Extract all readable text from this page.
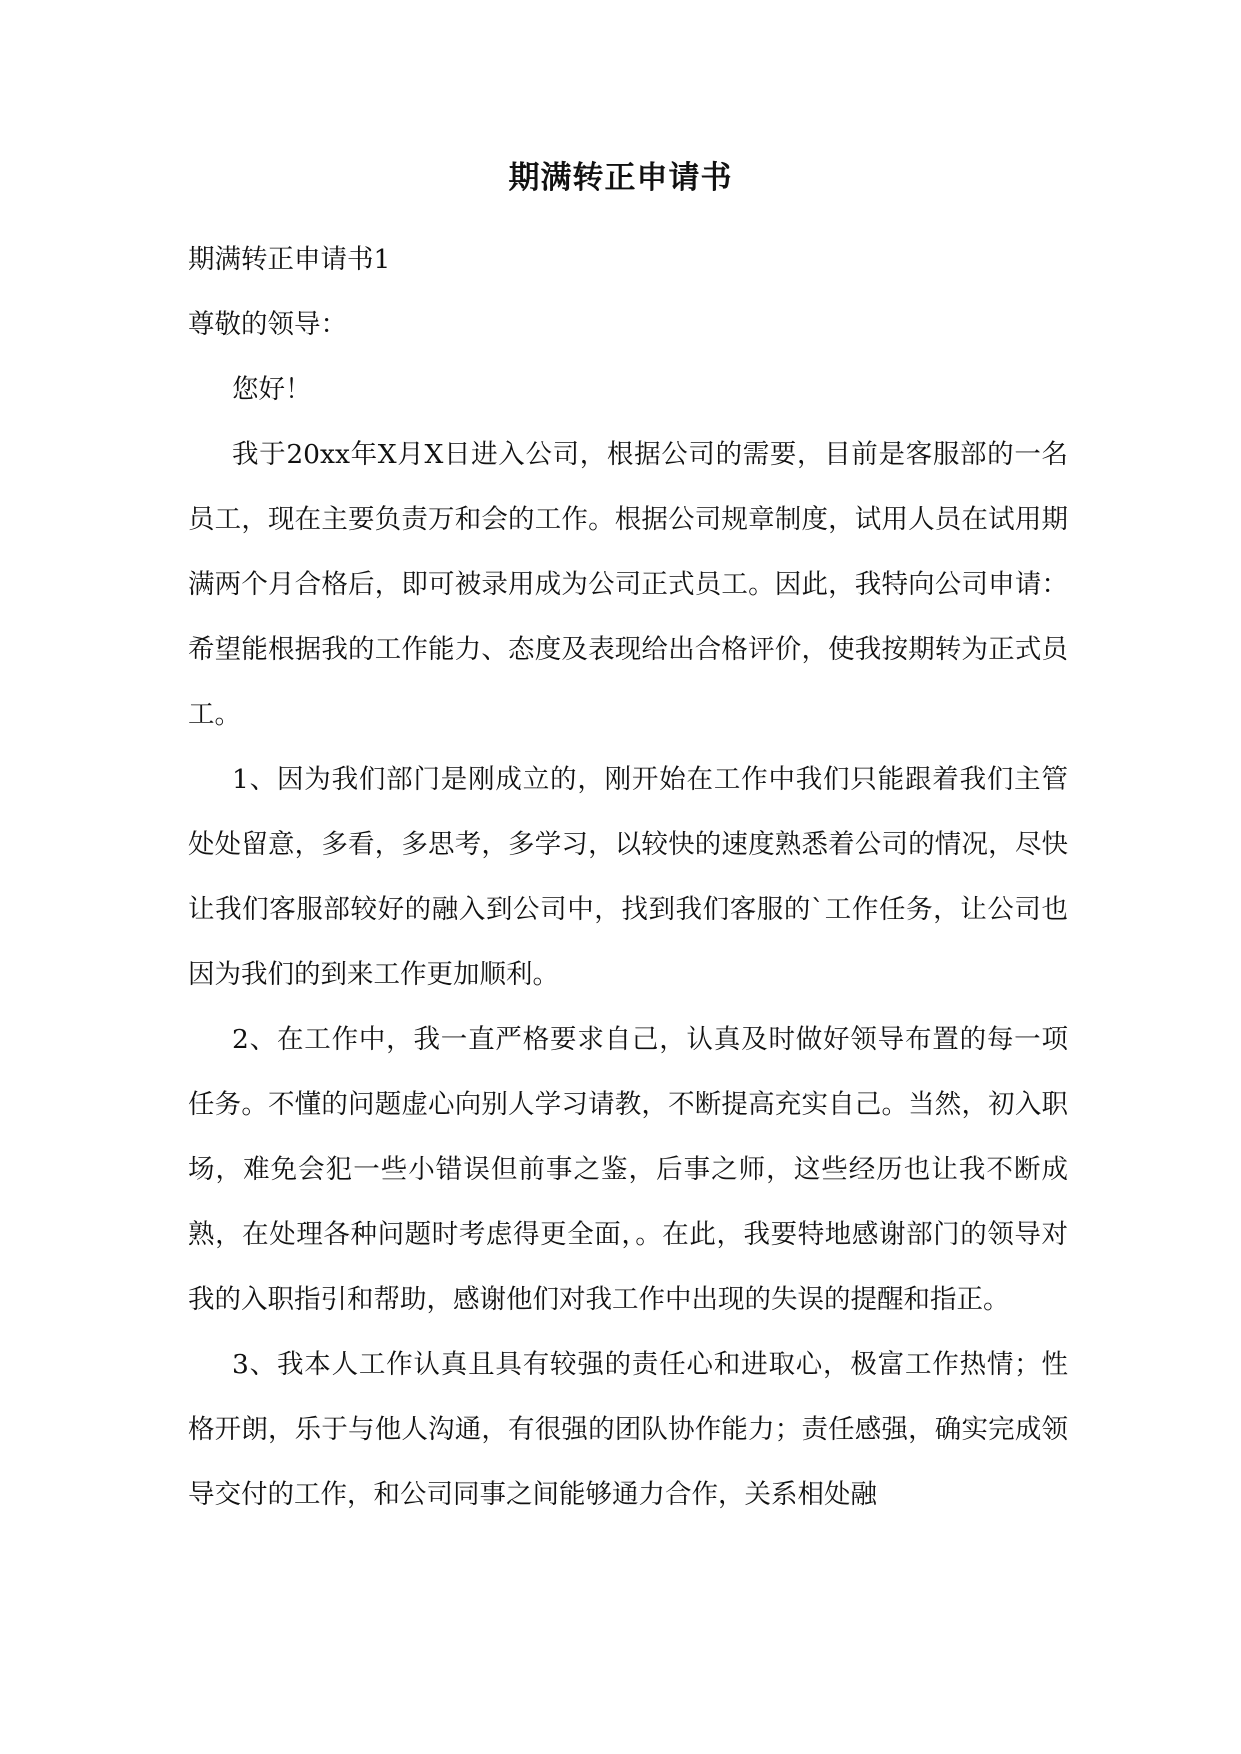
期满转正申请书

期满转正申请书1

尊敬的领导：

您好！

我于20xx年X月X日进入公司，根据公司的需要，目前是客服部的一名员工，现在主要负责万和会的工作。根据公司规章制度，试用人员在试用期满两个月合格后，即可被录用成为公司正式员工。因此，我特向公司申请：希望能根据我的工作能力、态度及表现给出合格评价，使我按期转为正式员工。

1、因为我们部门是刚成立的，刚开始在工作中我们只能跟着我们主管处处留意，多看，多思考，多学习，以较快的速度熟悉着公司的情况，尽快让我们客服部较好的融入到公司中，找到我们客服的`工作任务，让公司也因为我们的到来工作更加顺利。

2、在工作中，我一直严格要求自己，认真及时做好领导布置的每一项任务。不懂的问题虚心向别人学习请教，不断提高充实自己。当然，初入职场，难免会犯一些小错误但前事之鉴，后事之师，这些经历也让我不断成熟，在处理各种问题时考虑得更全面，。在此，我要特地感谢部门的领导对我的入职指引和帮助，感谢他们对我工作中出现的失误的提醒和指正。

3、我本人工作认真且具有较强的责任心和进取心，极富工作热情；性格开朗，乐于与他人沟通，有很强的团队协作能力；责任感强，确实完成领导交付的工作，和公司同事之间能够通力合作，关系相处融
